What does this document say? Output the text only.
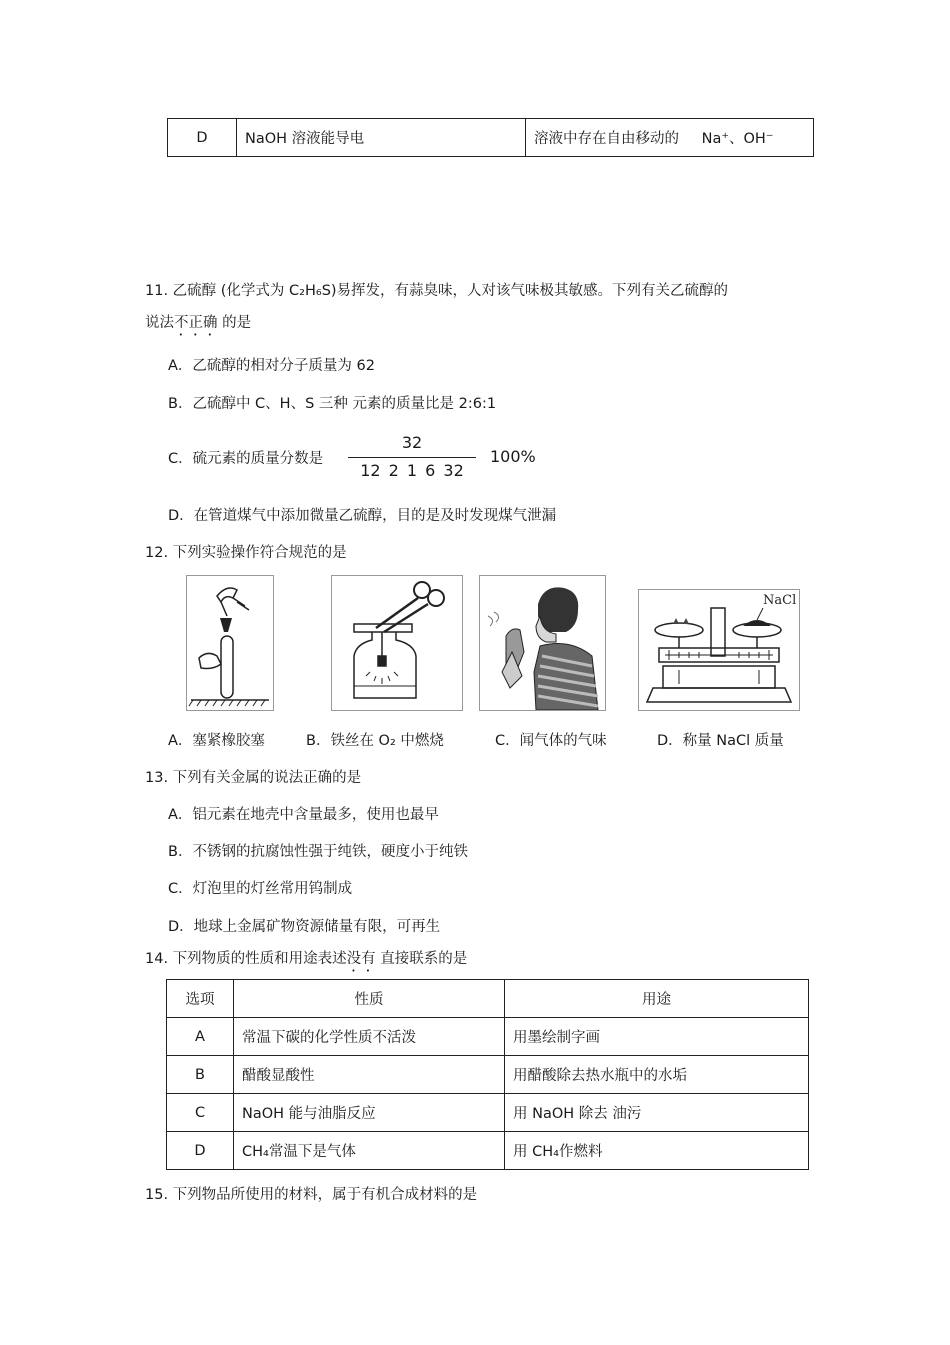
D	NaOH 溶液能导电	溶液中存在自由移动的 Na⁺、OH⁻
11. 乙硫醇 (化学式为 C₂H₆S)易挥发，有蒜臭味，人对该气味极其敏感。下列有关乙硫醇的
说法不正确 的是
A．乙硫醇的相对分子质量为 62
B．乙硫醇中 C、H、S 三种 元素的质量比是 2:6:1
C．硫元素的质量分数是
32
12 2 1 6 32
100%
D．在管道煤气中添加微量乙硫醇，目的是及时发现煤气泄漏
12. 下列实验操作符合规范的是
NaCl
A．塞紧橡胶塞	B．铁丝在 O₂ 中燃烧	C．闻气体的气味	D．称量 NaCl 质量
13. 下列有关金属的说法正确的是
A．铝元素在地壳中含量最多，使用也最早
B．不锈钢的抗腐蚀性强于纯铁，硬度小于纯铁
C．灯泡里的灯丝常用钨制成
D．地球上金属矿物资源储量有限，可再生
14. 下列物质的性质和用途表述没有 直接联系的是
选项	性质	用途
A	常温下碳的化学性质不活泼	用墨绘制字画
B	醋酸显酸性	用醋酸除去热水瓶中的水垢
C	NaOH 能与油脂反应	用 NaOH 除去 油污
D	CH₄常温下是气体	用 CH₄作燃料
15. 下列物品所使用的材料，属于有机合成材料的是
